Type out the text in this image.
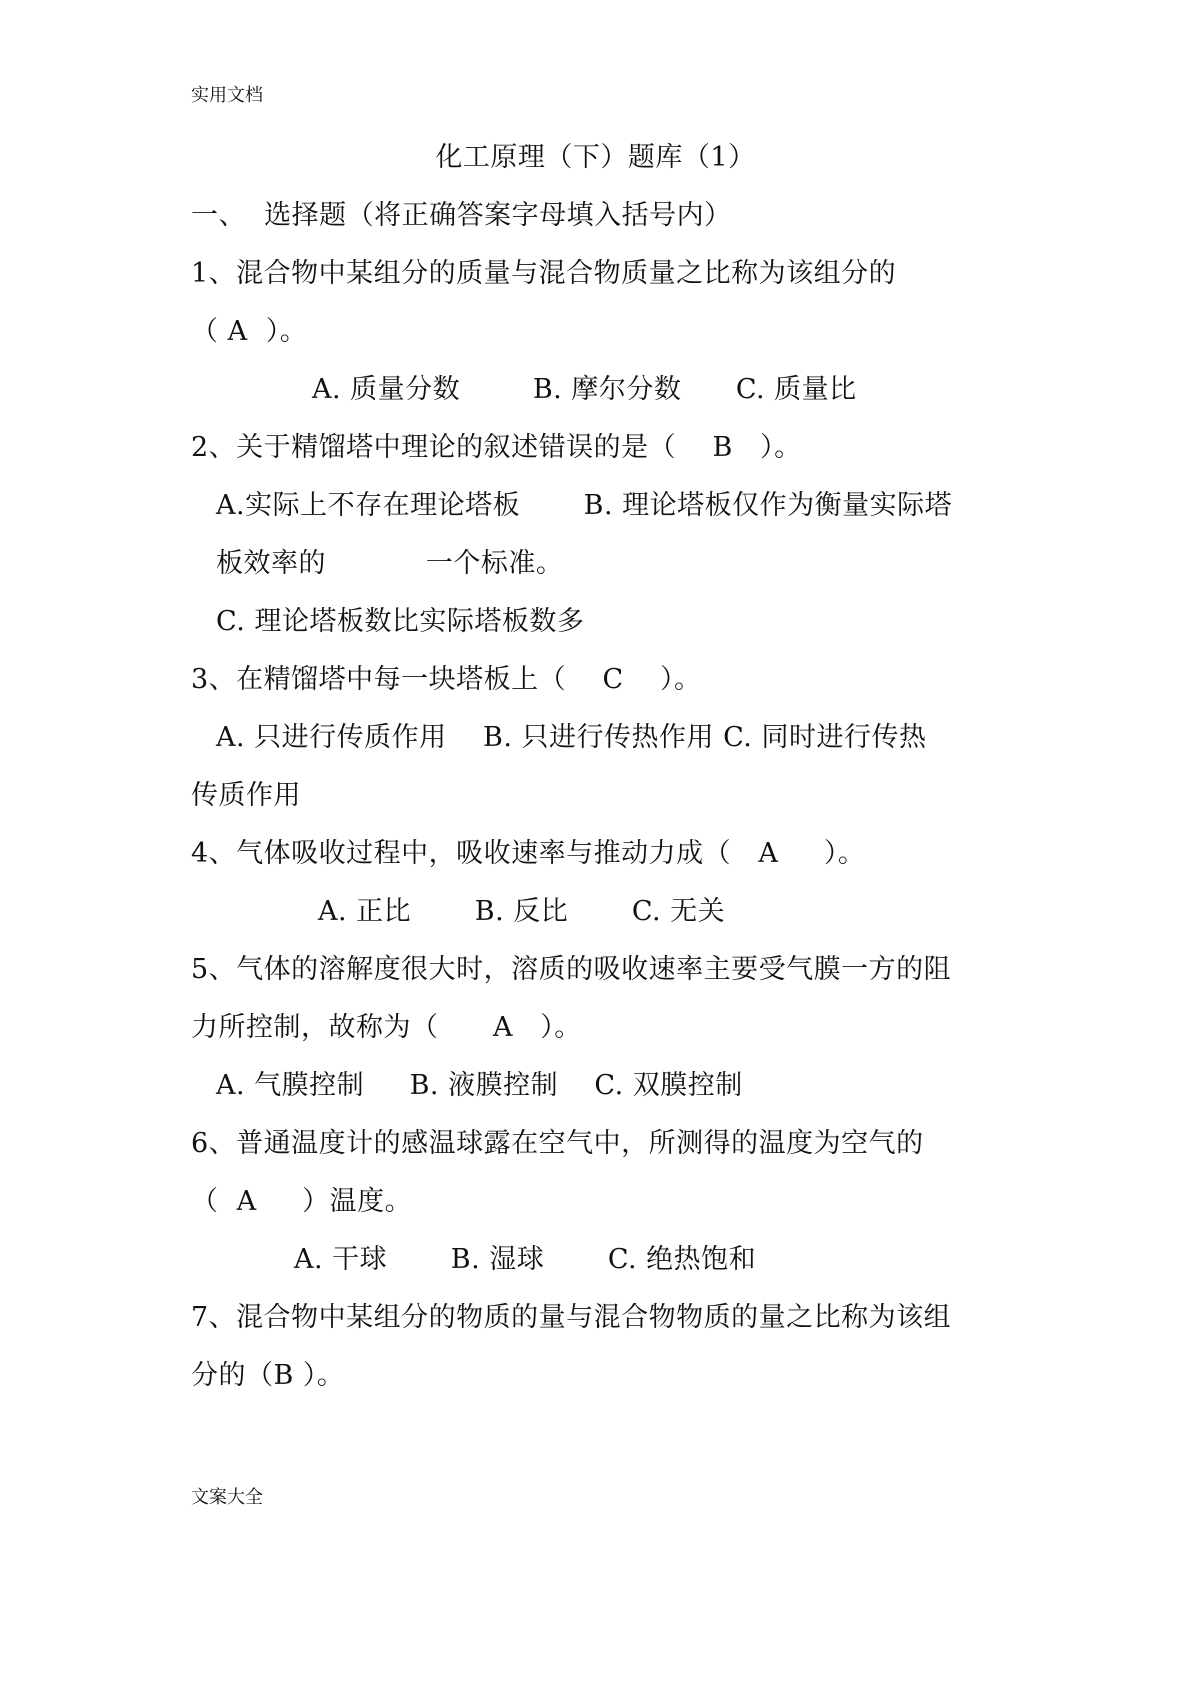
实用文档
化工原理（下）题库（1）
一、  选择题（将正确答案字母填入括号内）
1、混合物中某组分的质量与混合物质量之比称为该组分的
（ A  ）。
A. 质量分数        B. 摩尔分数      C. 质量比
2、关于精馏塔中理论的叙述错误的是（    B   ）。
A.实际上不存在理论塔板       B. 理论塔板仅作为衡量实际塔
板效率的           一个标准。
C. 理论塔板数比实际塔板数多
3、在精馏塔中每一块塔板上（    C    ）。
A. 只进行传质作用    B. 只进行传热作用 C. 同时进行传热
传质作用
4、气体吸收过程中，吸收速率与推动力成（   A     ）。
A. 正比       B. 反比       C. 无关
5、气体的溶解度很大时，溶质的吸收速率主要受气膜一方的阻
力所控制，故称为（      A   ）。
A. 气膜控制     B. 液膜控制    C. 双膜控制
6、普通温度计的感温球露在空气中，所测得的温度为空气的
（  A     ）温度。
A. 干球       B. 湿球       C. 绝热饱和
7、混合物中某组分的物质的量与混合物物质的量之比称为该组
分的（B ）。
文案大全
